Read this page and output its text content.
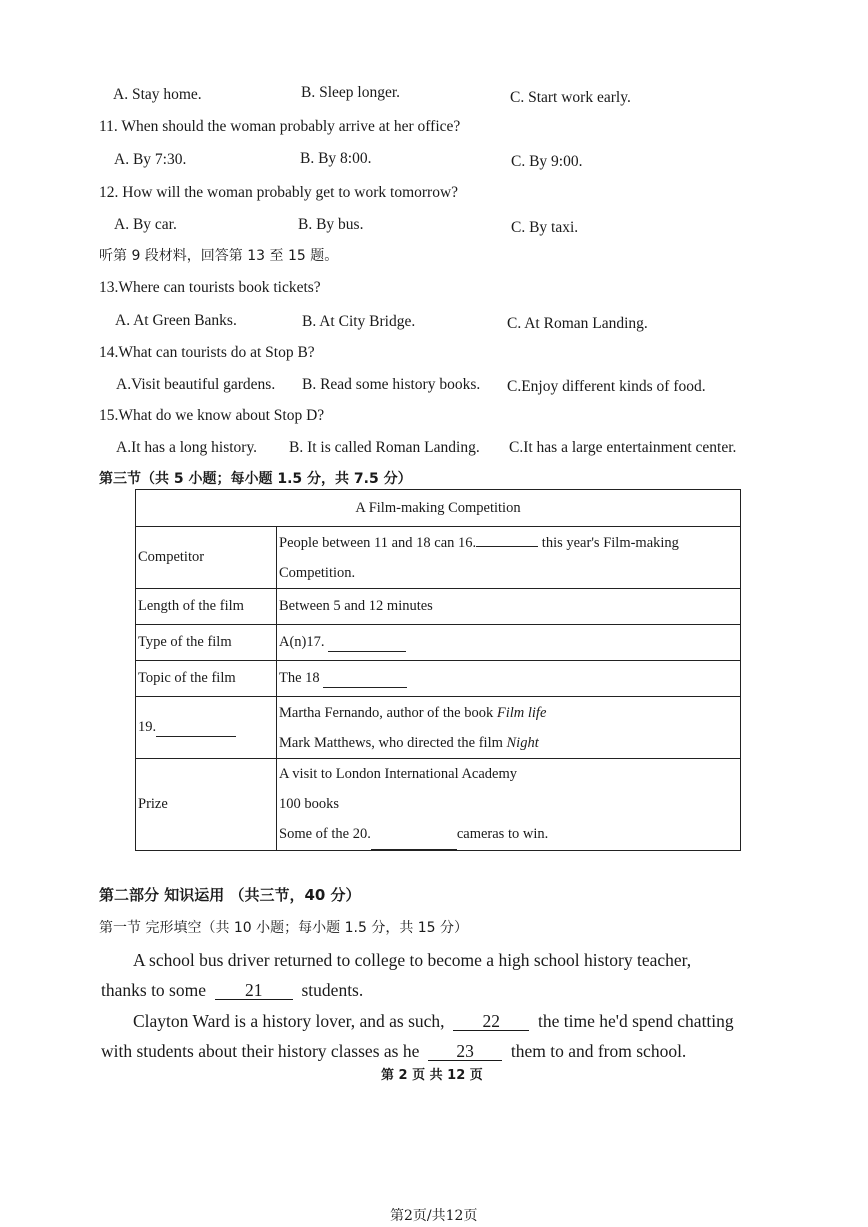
A. Stay home.	B. Sleep longer.	C. Start work early.
11. When should the woman probably arrive at her office?
A. By 7:30.	B. By 8:00.	C. By 9:00.
12. How will the woman probably get to work tomorrow?
A. By car.	B. By bus.	C. By taxi.
听第 9 段材料，回答第 13 至 15 题。
13.Where can tourists book tickets?
A. At Green Banks.	B. At City Bridge.	C. At Roman Landing.
14.What can tourists do at Stop B?
A.Visit beautiful gardens. B. Read some history books. C.Enjoy different kinds of food.
15.What do we know about Stop D?
A.It has a long history. B. It is called Roman Landing. C.It has a large entertainment center.
第三节（共 5 小题；每小题 1.5 分，共 7.5 分）
A Film-making Competition	
Competitor	People between 11 and 18 can 16. this year's Film-making
Competition.

Length of the film	Between 5 and 12 minutes
Type of the film	A(n)17.
Topic of the film	The 18
19.	Martha Fernando, author of the book Film life
Mark Matthews, who directed the film Night

Prize	A visit to London International Academy
100 books
Some of the 20. cameras to win.
第二部分 知识运用 （共三节，40 分）
第一节 完形填空（共 10 小题；每小题 1.5 分，共 15 分）
A school bus driver returned to college to become a high school history teacher,
thanks to some 21 students.
Clayton Ward is a history lover, and as such, 22 the time he'd spend chatting
with students about their history classes as he 23 them to and from school.
第 2 页 共 12 页
第2页/共12页
